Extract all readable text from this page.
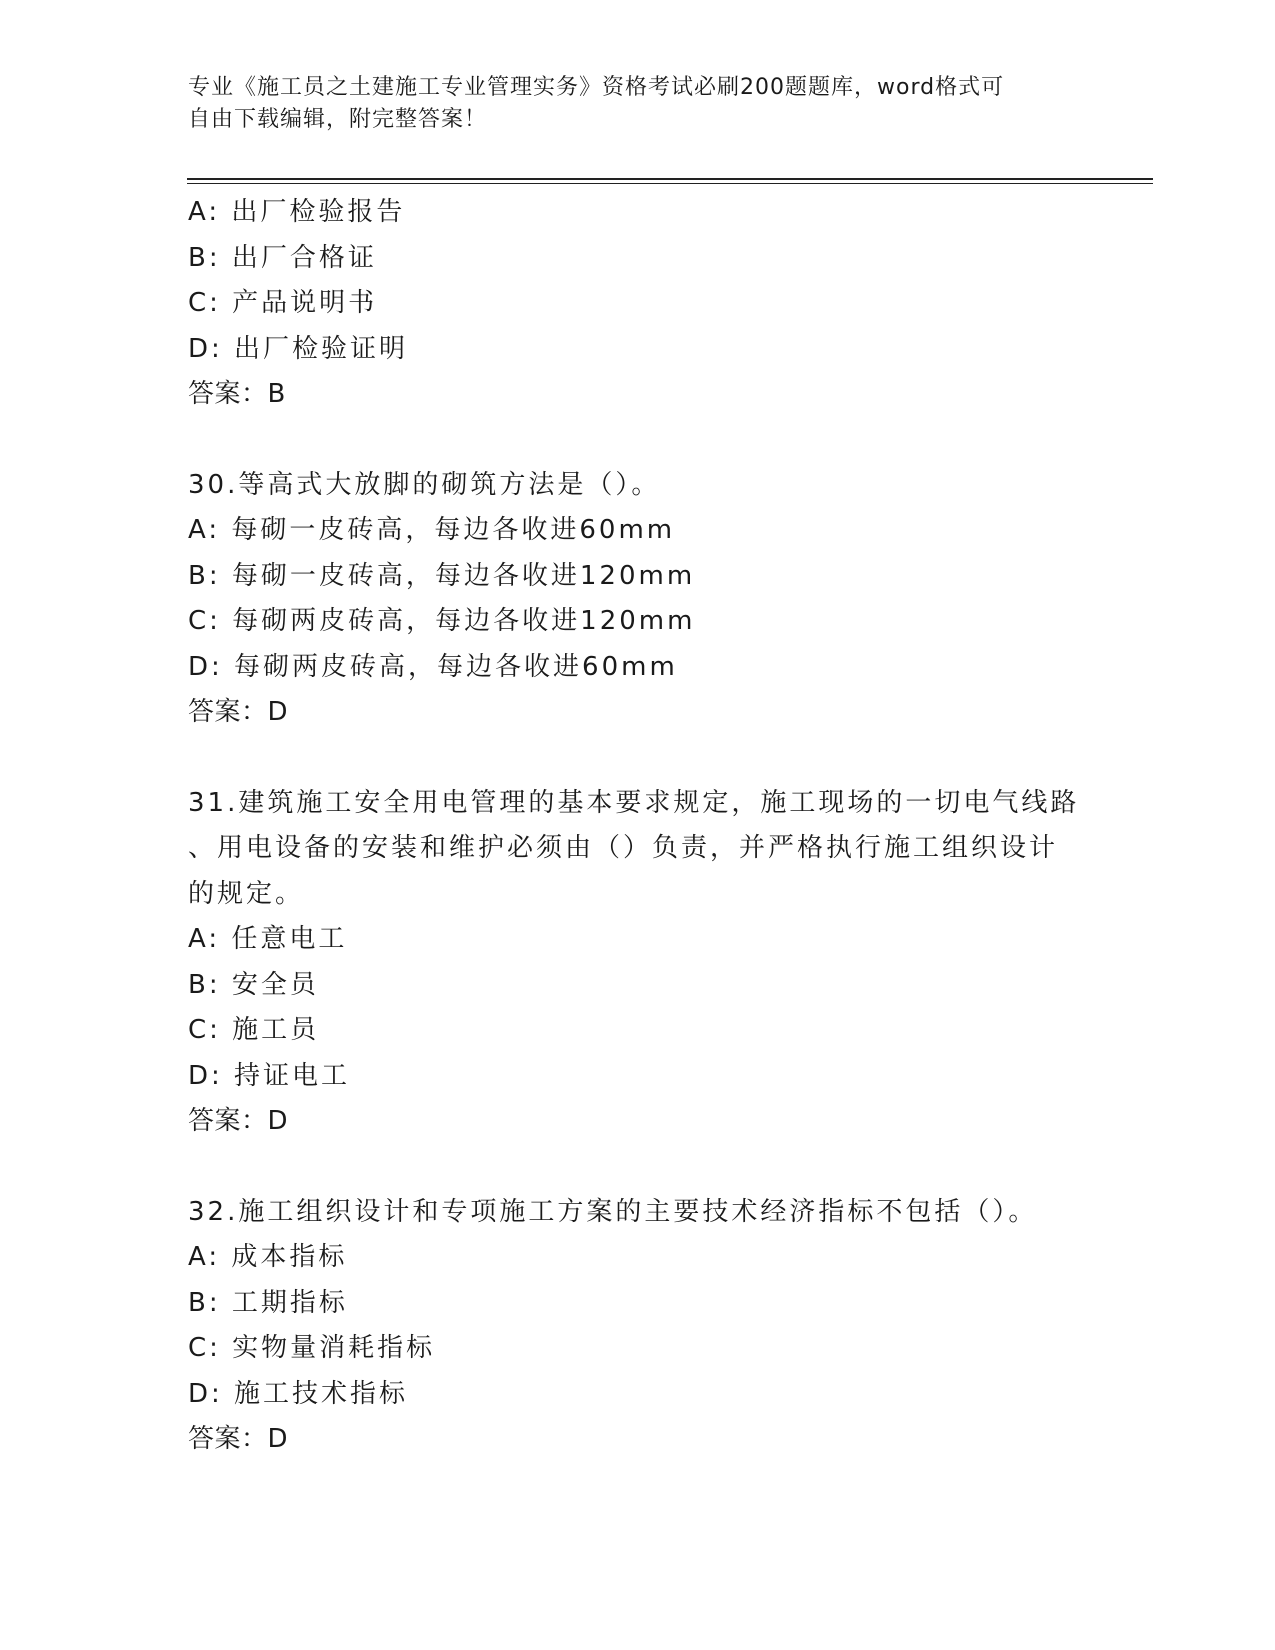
专业《施工员之土建施工专业管理实务》资格考试必刷200题题库，word格式可
自由下载编辑，附完整答案！
A: 出厂检验报告
B: 出厂合格证
C: 产品说明书
D: 出厂检验证明
答案：B
30.等高式大放脚的砌筑方法是（）。
A: 每砌一皮砖高，每边各收进60mm
B: 每砌一皮砖高，每边各收进120mm
C: 每砌两皮砖高，每边各收进120mm
D: 每砌两皮砖高，每边各收进60mm
答案：D
31.建筑施工安全用电管理的基本要求规定，施工现场的一切电气线路
、用电设备的安装和维护必须由（）负责，并严格执行施工组织设计
的规定。
A: 任意电工
B: 安全员
C: 施工员
D: 持证电工
答案：D
32.施工组织设计和专项施工方案的主要技术经济指标不包括（）。
A: 成本指标
B: 工期指标
C: 实物量消耗指标
D: 施工技术指标
答案：D
